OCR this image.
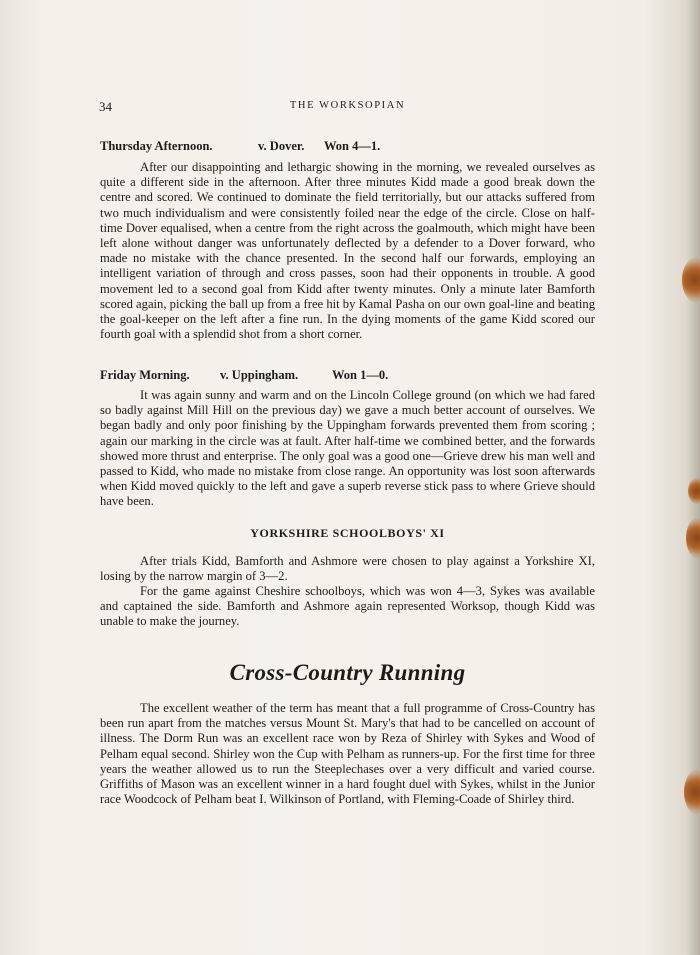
34	THE WORKSOPIAN
Thursday Afternoon.	v. Dover. Won 4—1.

After our disappointing and lethargic showing in the morning, we revealed ourselves as quite a different side in the afternoon. After three minutes Kidd made a good break down the centre and scored. We continued to dominate the field territorially, but our attacks suffered from two much individualism and were consistently foiled near the edge of the circle. Close on half-time Dover equalised, when a centre from the right across the goalmouth, which might have been left alone without danger was unfortunately deflected by a defender to a Dover forward, who made no mistake with the chance presented. In the second half our forwards, employing an intelligent variation of through and cross passes, soon had their opponents in trouble. A good movement led to a second goal from Kidd after twenty minutes. Only a minute later Bamforth scored again, picking the ball up from a free hit by Kamal Pasha on our own goal-line and beating the goal-keeper on the left after a fine run. In the dying moments of the game Kidd scored our fourth goal with a splendid shot from a short corner.

Friday Morning. v. Uppingham.	Won 1—0.

It was again sunny and warm and on the Lincoln College ground (on which we had fared so badly against Mill Hill on the previous day) we gave a much better account of ourselves. We began badly and only poor finishing by the Uppingham forwards prevented them from scoring ; again our marking in the circle was at fault. After half-time we combined better, and the forwards showed more thrust and enterprise. The only goal was a good one—Grieve drew his man well and passed to Kidd, who made no mistake from close range. An opportunity was lost soon afterwards when Kidd moved quickly to the left and gave a superb reverse stick pass to where Grieve should have been.

YORKSHIRE SCHOOLBOYS' XI

After trials Kidd, Bamforth and Ashmore were chosen to play against a Yorkshire XI, losing by the narrow margin of 3—2.

For the game against Cheshire schoolboys, which was won 4—3, Sykes was available and captained the side. Bamforth and Ashmore again represented Worksop, though Kidd was unable to make the journey.

Cross-Country Running

The excellent weather of the term has meant that a full programme of Cross-Country has been run apart from the matches versus Mount St. Mary's that had to be cancelled on account of illness. The Dorm Run was an excellent race won by Reza of Shirley with Sykes and Wood of Pelham equal second. Shirley won the Cup with Pelham as runners-up. For the first time for three years the weather allowed us to run the Steeplechases over a very difficult and varied course. Griffiths of Mason was an excellent winner in a hard fought duel with Sykes, whilst in the Junior race Woodcock of Pelham beat I. Wilkinson of Portland, with Fleming-Coade of Shirley third.
